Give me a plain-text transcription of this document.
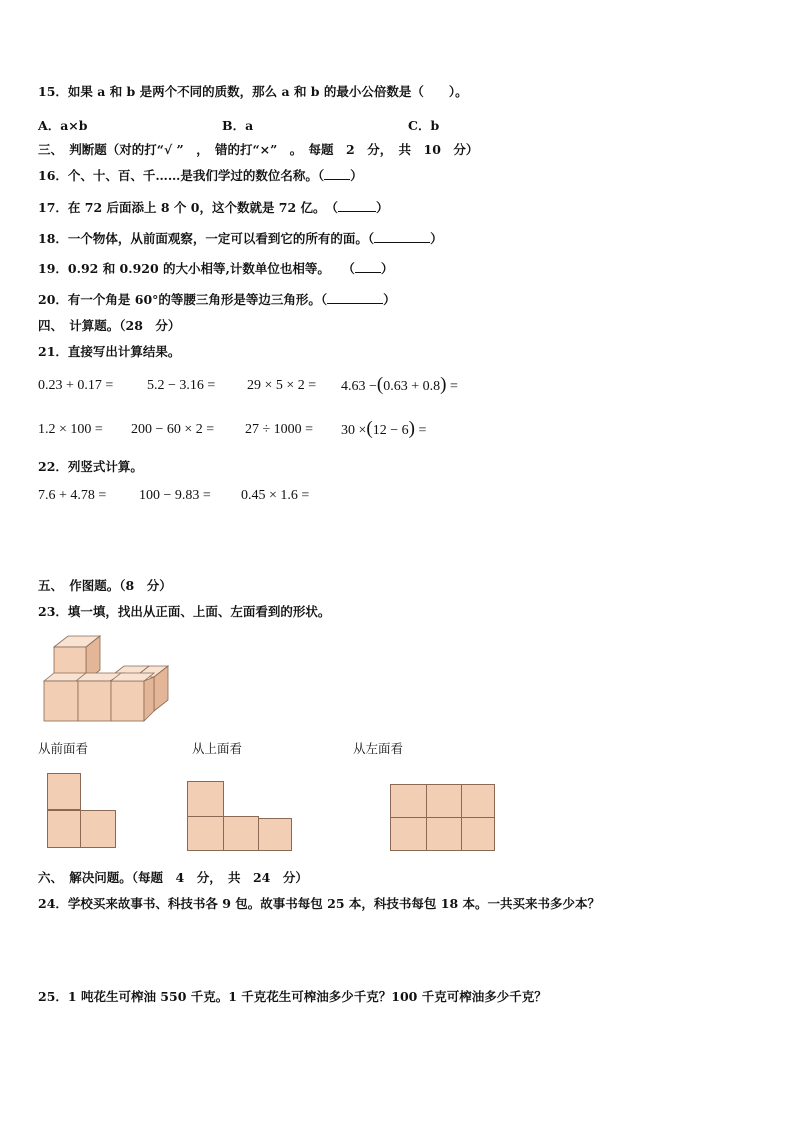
15．如果 a 和 b 是两个不同的质数，那么 a 和 b 的最小公倍数是（　　）。
A．a×b	B．a	C．b
三、　判断题（对的打“√ ”　，　错的打“×”　。　每题　2　分，　共　10　分）
16．个、十、百、千……是我们学过的数位名称。（ ）
17．在 72 后面添上 8 个 0，这个数就是 72 亿。　（	）
18．一个物体，从前面观察，一定可以看到它的所有的面。（	）
19．0.92 和 0.920 的大小相等,计数单位也相等。　　（ ）
20．有一个角是 60°的等腰三角形是等边三角形。（	）
四、　计算题。（28　分）
21．直接写出计算结果。
0.23 + 0.17 = 5.2 − 3.16 = 29 × 5 × 2 = 4.63 −(0.63 + 0.8) =
1.2 × 100 = 200 − 60 × 2 = 27 ÷ 1000 = 30 ×(12 − 6) =
22．列竖式计算。
7.6 + 4.78 = 100 − 9.83 = 0.45 × 1.6 =
五、　作图题。（8　分）
23．填一填，找出从正面、上面、左面看到的形状。
从前面看	从上面看	从左面看
六、　解决问题。（每题　4　分，　共　24　分）
24．学校买来故事书、科技书各 9 包。故事书每包 25 本，科技书每包 18 本。一共买来书多少本？
25．1 吨花生可榨油 550 千克。1 千克花生可榨油多少千克？100 千克可榨油多少千克？
